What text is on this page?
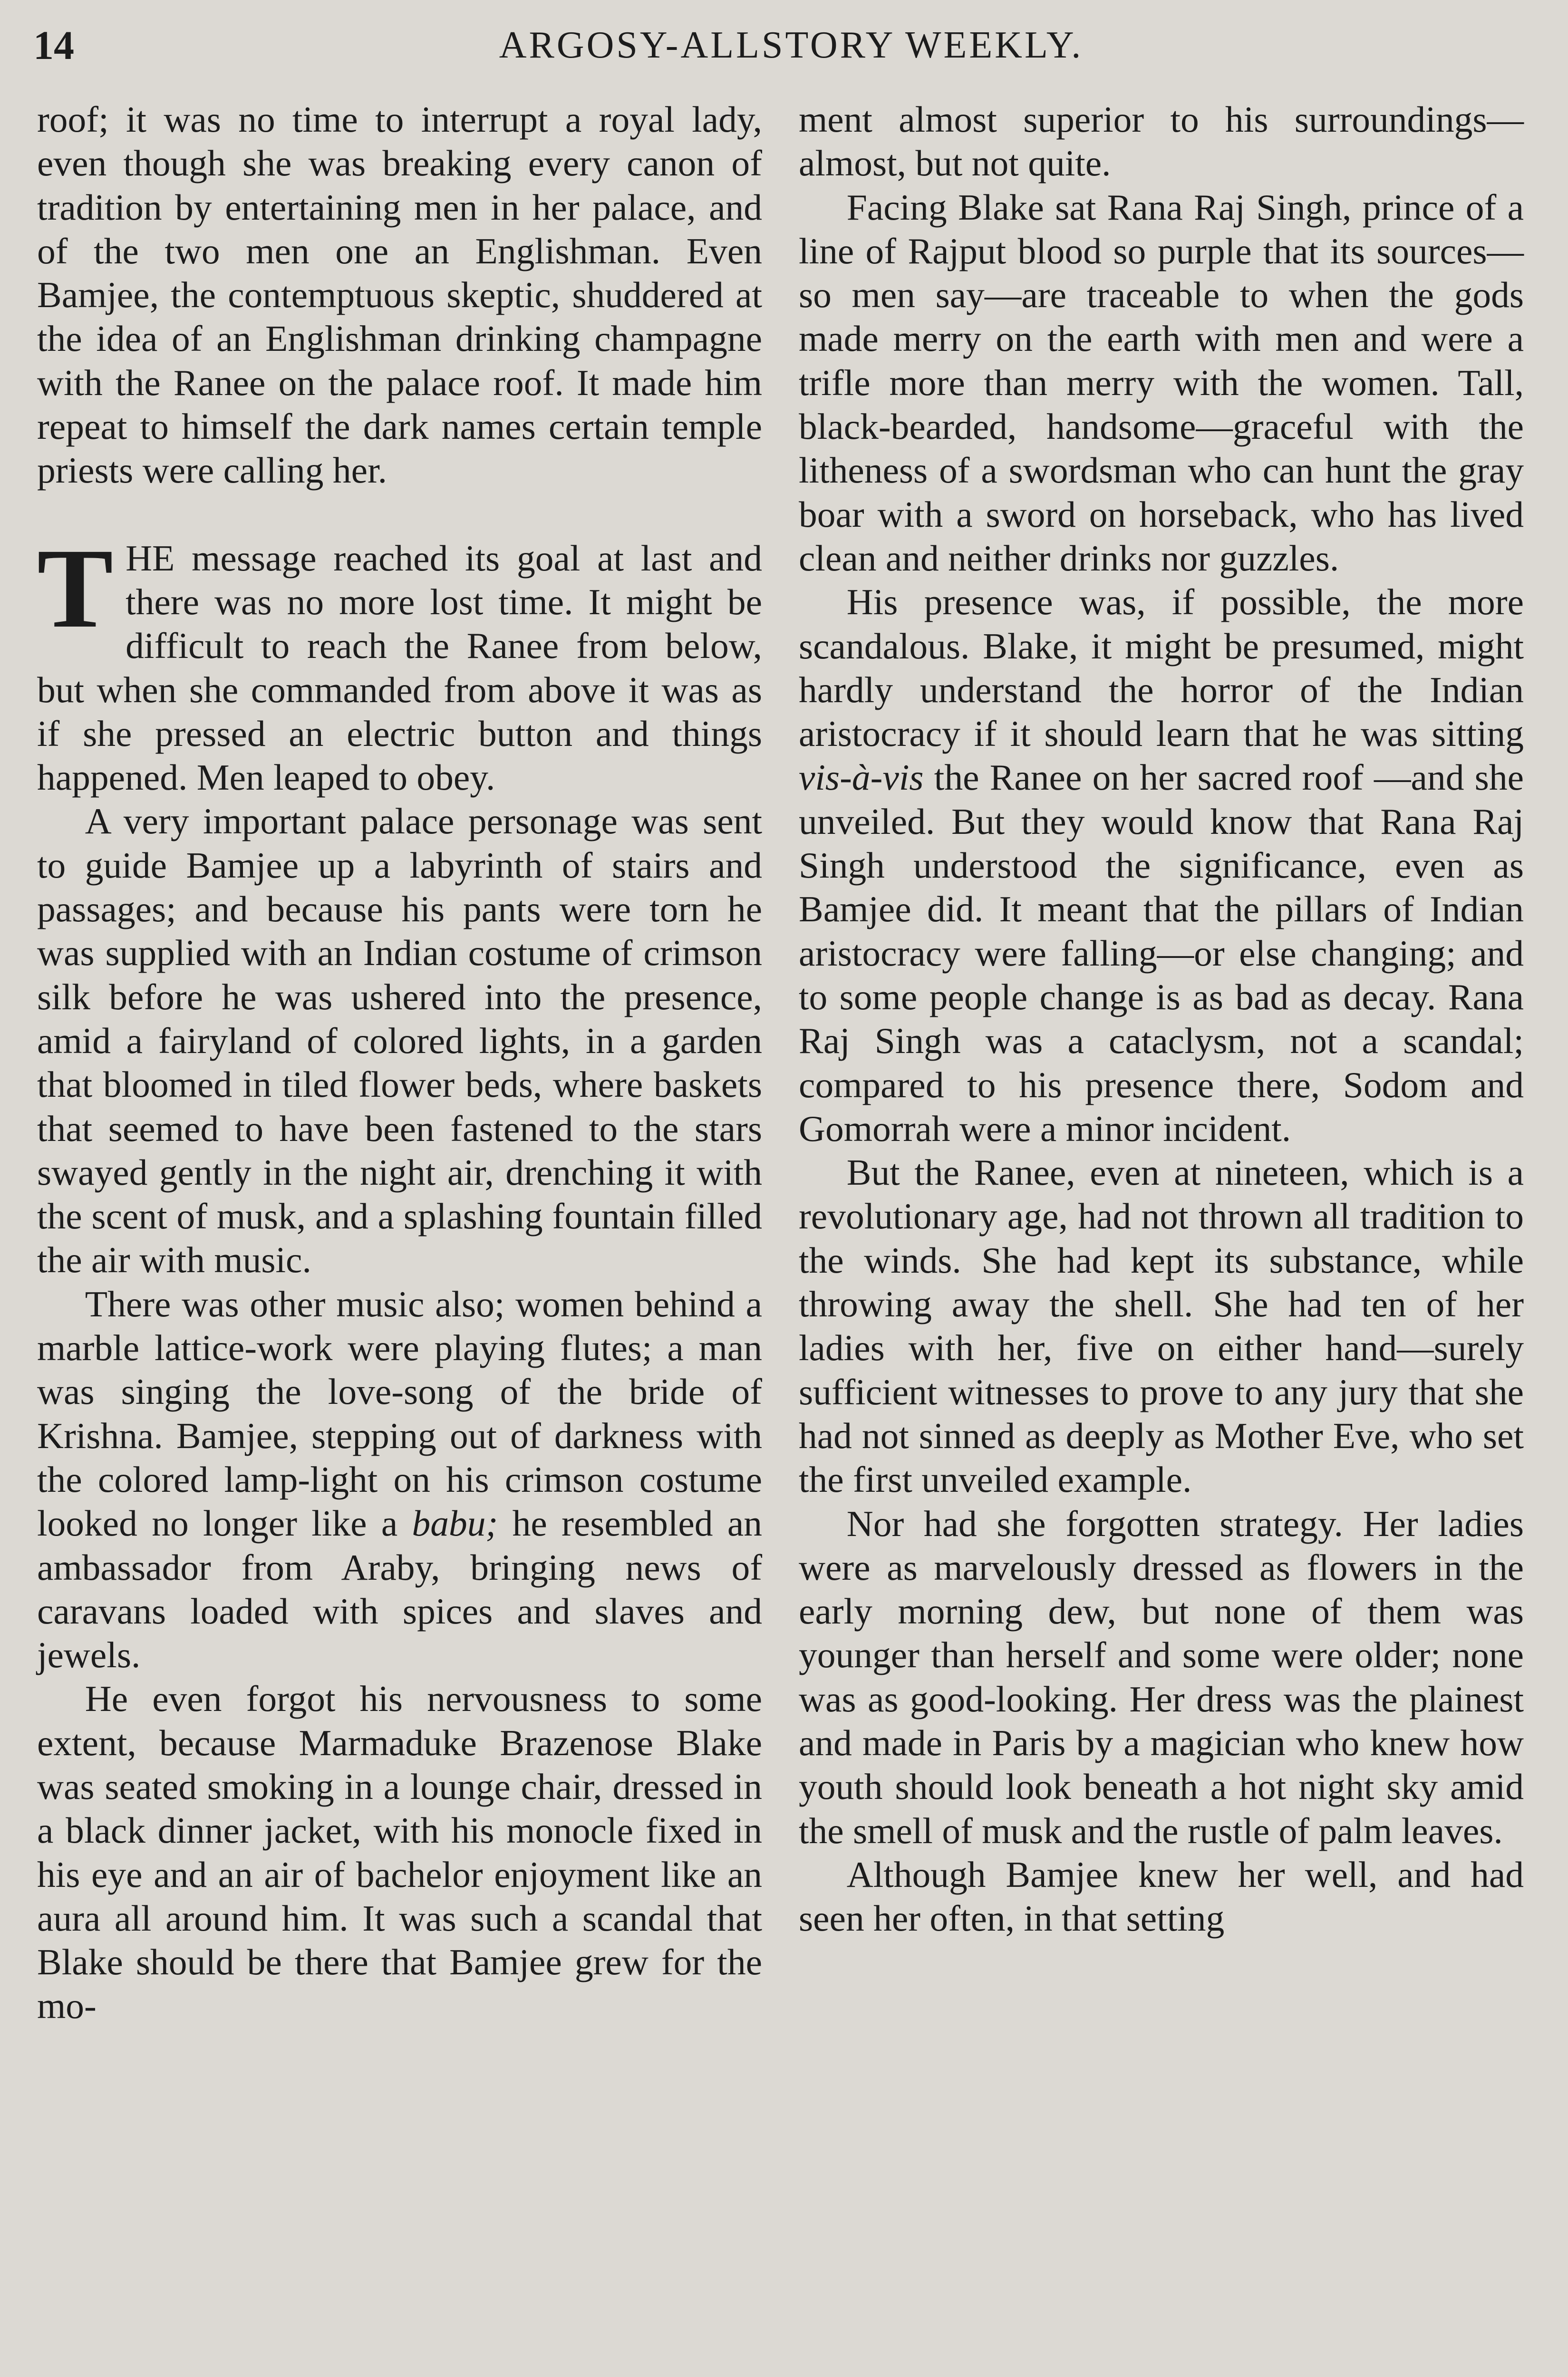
14	ARGOSY-ALLSTORY WEEKLY.

roof; it was no time to interrupt a royal lady, even though she was breaking every canon of tradition by entertaining men in her palace, and of the two men one an Englishman. Even Bamjee, the contemptuous skeptic, shuddered at the idea of an Englishman drinking champagne with the Ranee on the palace roof. It made him repeat to himself the dark names certain temple priests were calling her.

THE message reached its goal at last and there was no more lost time. It might be difficult to reach the Ranee from below, but when she commanded from above it was as if she pressed an electric button and things happened. Men leaped to obey.

A very important palace personage was sent to guide Bamjee up a labyrinth of stairs and passages; and because his pants were torn he was supplied with an Indian costume of crimson silk before he was ushered into the presence, amid a fairyland of colored lights, in a garden that bloomed in tiled flower beds, where baskets that seemed to have been fastened to the stars swayed gently in the night air, drenching it with the scent of musk, and a splashing fountain filled the air with music.

There was other music also; women behind a marble lattice-work were playing flutes; a man was singing the love-song of the bride of Krishna. Bamjee, stepping out of darkness with the colored lamp-light on his crimson costume looked no longer like a babu; he resembled an ambassador from Araby, bringing news of caravans loaded with spices and slaves and jewels.

He even forgot his nervousness to some extent, because Marmaduke Brazenose Blake was seated smoking in a lounge chair, dressed in a black dinner jacket, with his monocle fixed in his eye and an air of bachelor enjoyment like an aura all around him. It was such a scandal that Blake should be there that Bamjee grew for the mo-

ment almost superior to his surroundings—almost, but not quite.

Facing Blake sat Rana Raj Singh, prince of a line of Rajput blood so purple that its sources—so men say—are traceable to when the gods made merry on the earth with men and were a trifle more than merry with the women. Tall, black-bearded, handsome—graceful with the litheness of a swordsman who can hunt the gray boar with a sword on horseback, who has lived clean and neither drinks nor guzzles.

His presence was, if possible, the more scandalous. Blake, it might be presumed, might hardly understand the horror of the Indian aristocracy if it should learn that he was sitting vis-à-vis the Ranee on her sacred roof —and she unveiled. But they would know that Rana Raj Singh understood the significance, even as Bamjee did. It meant that the pillars of Indian aristocracy were falling—or else changing; and to some people change is as bad as decay. Rana Raj Singh was a cataclysm, not a scandal; compared to his presence there, Sodom and Gomorrah were a minor incident.

But the Ranee, even at nineteen, which is a revolutionary age, had not thrown all tradition to the winds. She had kept its substance, while throwing away the shell. She had ten of her ladies with her, five on either hand—surely sufficient witnesses to prove to any jury that she had not sinned as deeply as Mother Eve, who set the first unveiled example.

Nor had she forgotten strategy. Her ladies were as marvelously dressed as flowers in the early morning dew, but none of them was younger than herself and some were older; none was as good-looking. Her dress was the plainest and made in Paris by a magician who knew how youth should look beneath a hot night sky amid the smell of musk and the rustle of palm leaves.

Although Bamjee knew her well, and had seen her often, in that setting
